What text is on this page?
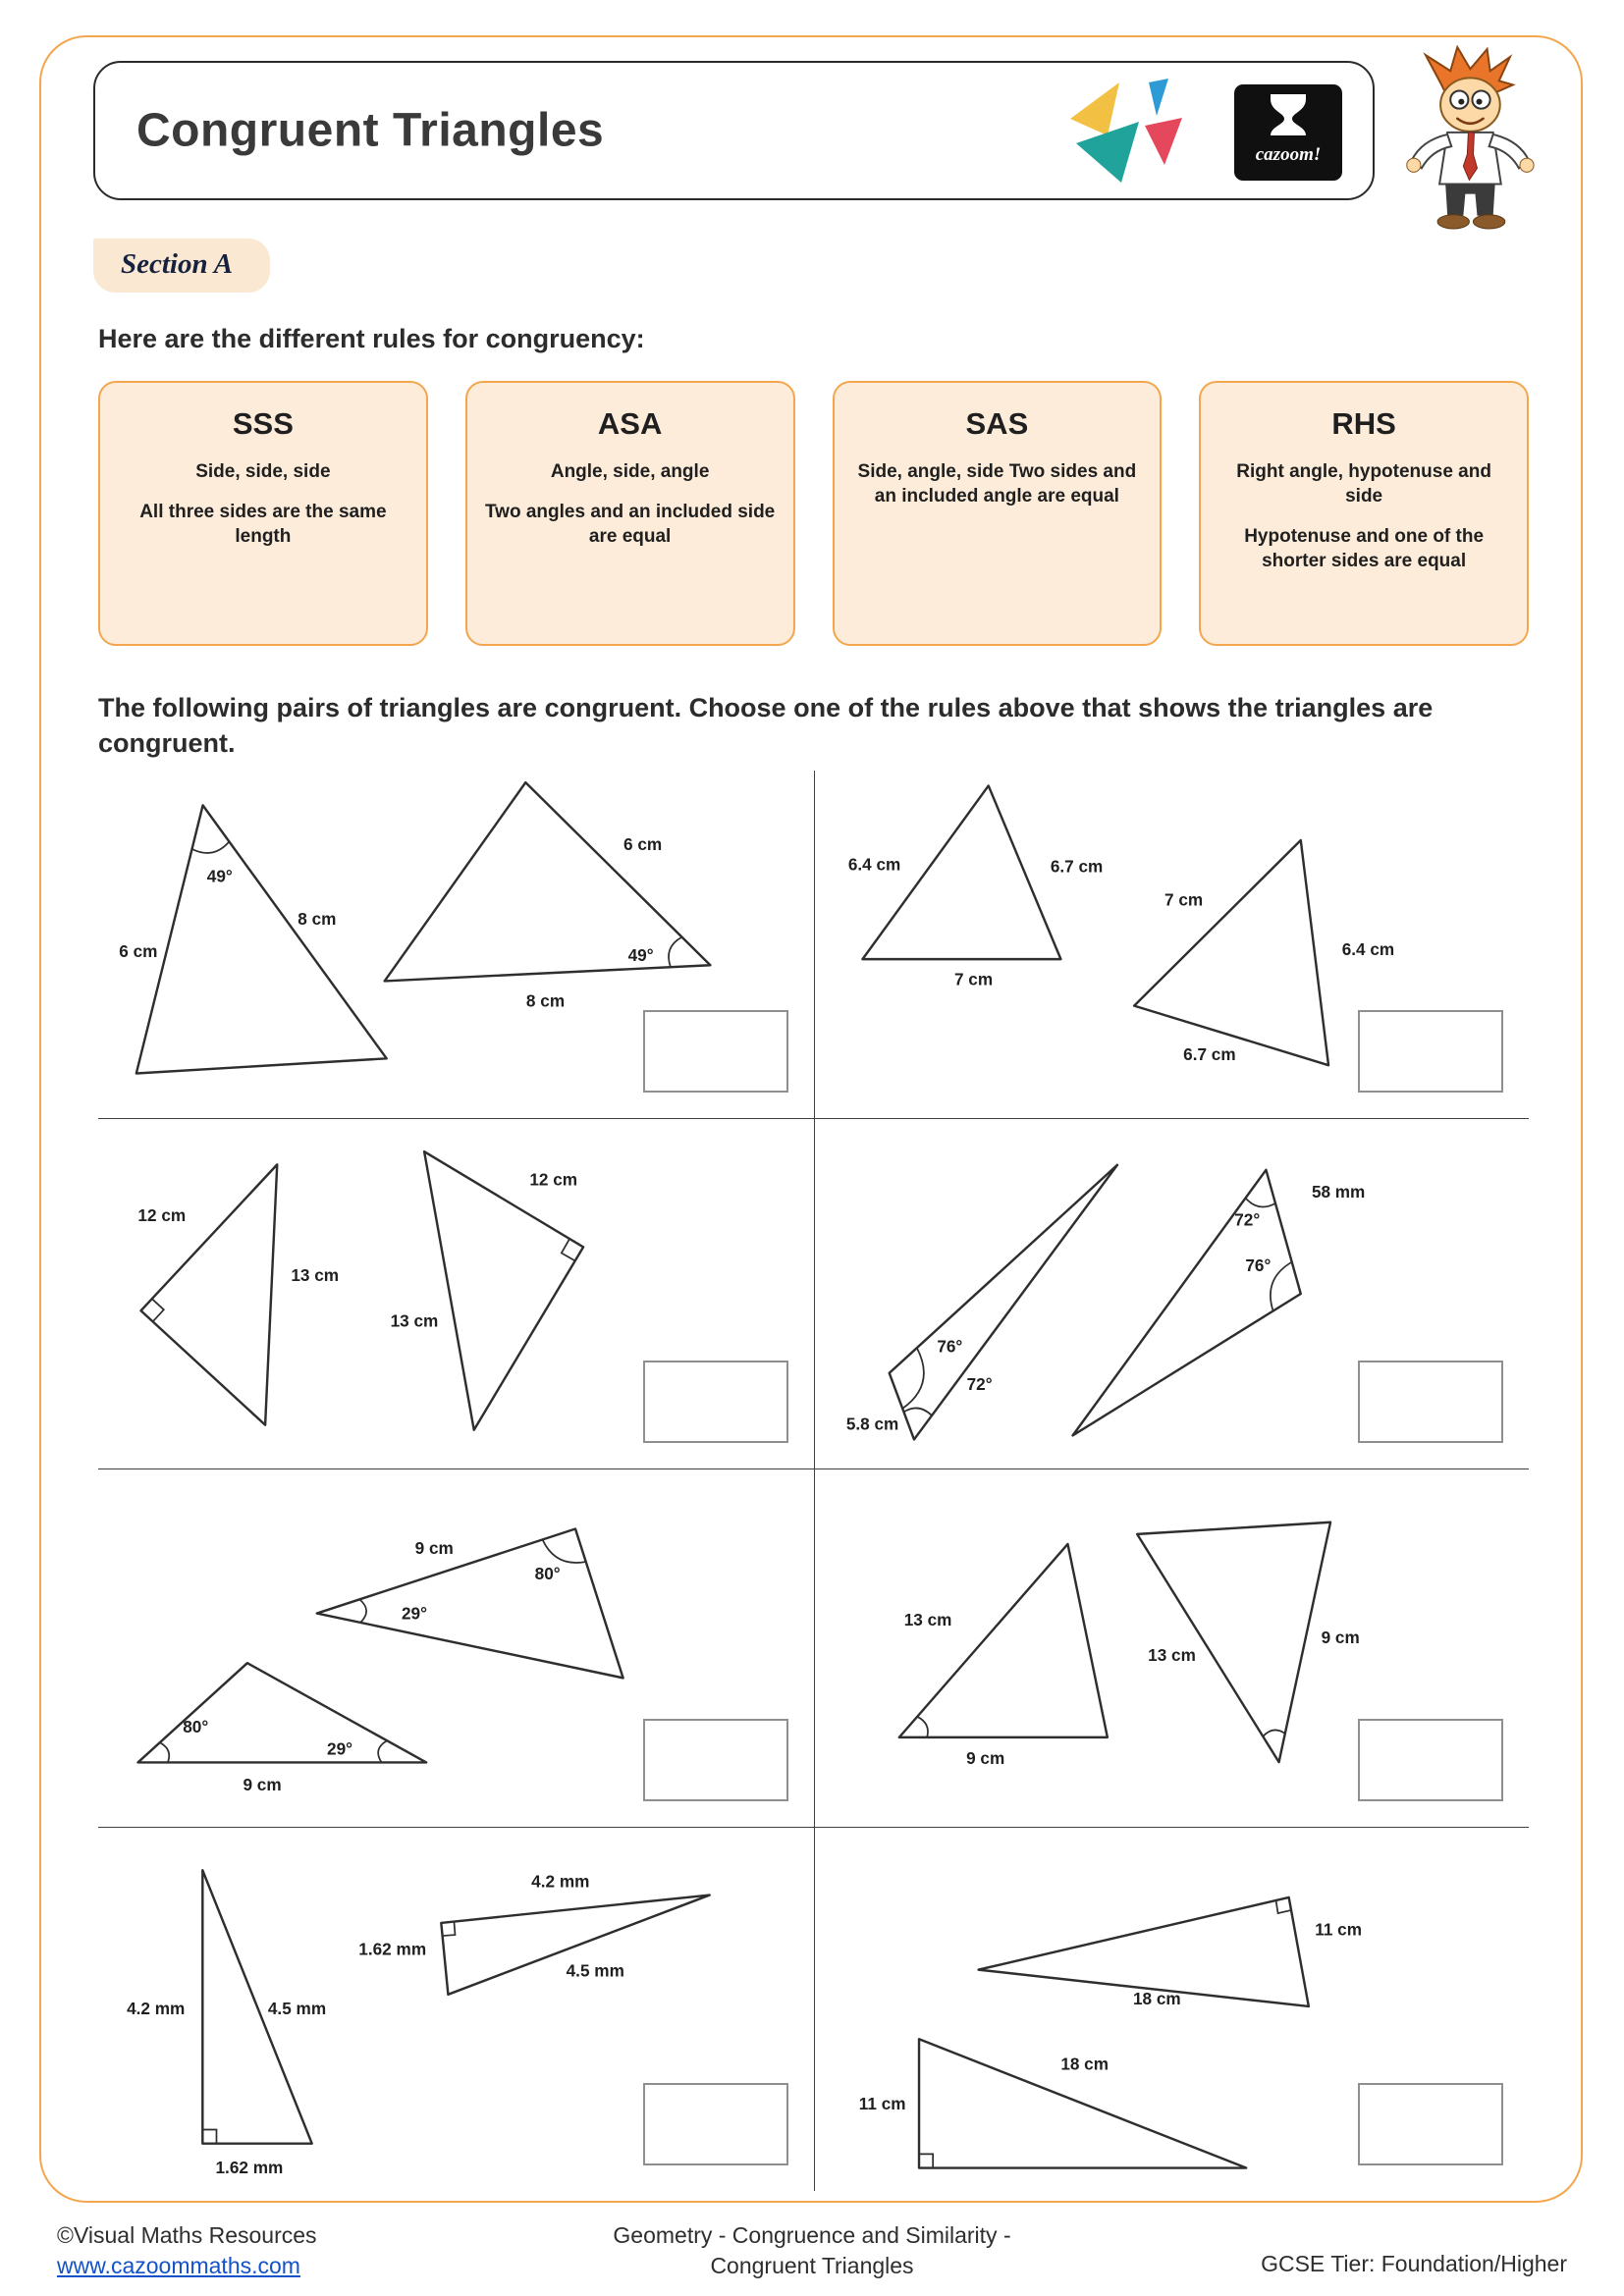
Congruent Triangles	cazoom!
Section A

Here are the different rules for congruency:

SSS

Side, side, side

All three sides are the same length

ASA

Angle, side, angle

Two angles and an included side are equal

SAS

Side, angle, side Two sides and an included angle are equal

RHS

Right angle, hypotenuse and side

Hypotenuse and one of the shorter sides are equal

The following pairs of triangles are congruent. Choose one of the rules above that shows the triangles are congruent.

49°
6 cm
8 cm
6 cm
49°
8 cm
6.4 cm	6.7 cm
7 cm
7 cm
6.4 cm
6.7 cm
12 cm
13 cm
12 cm
13 cm
76°
72°
5.8 cm
72°
76°
58 mm
9 cm
80°
29°
80°
29°
9 cm
13 cm
9 cm
13 cm
9 cm
4.2 mm	4.5 mm
1.62 mm
4.2 mm
1.62 mm
4.5 mm
11 cm
18 cm
18 cm
11 cm
©Visual Maths Resources
www.cazoommaths.com
Geometry - Congruence and Similarity -
Congruent Triangles	GCSE Tier: Foundation/Higher
